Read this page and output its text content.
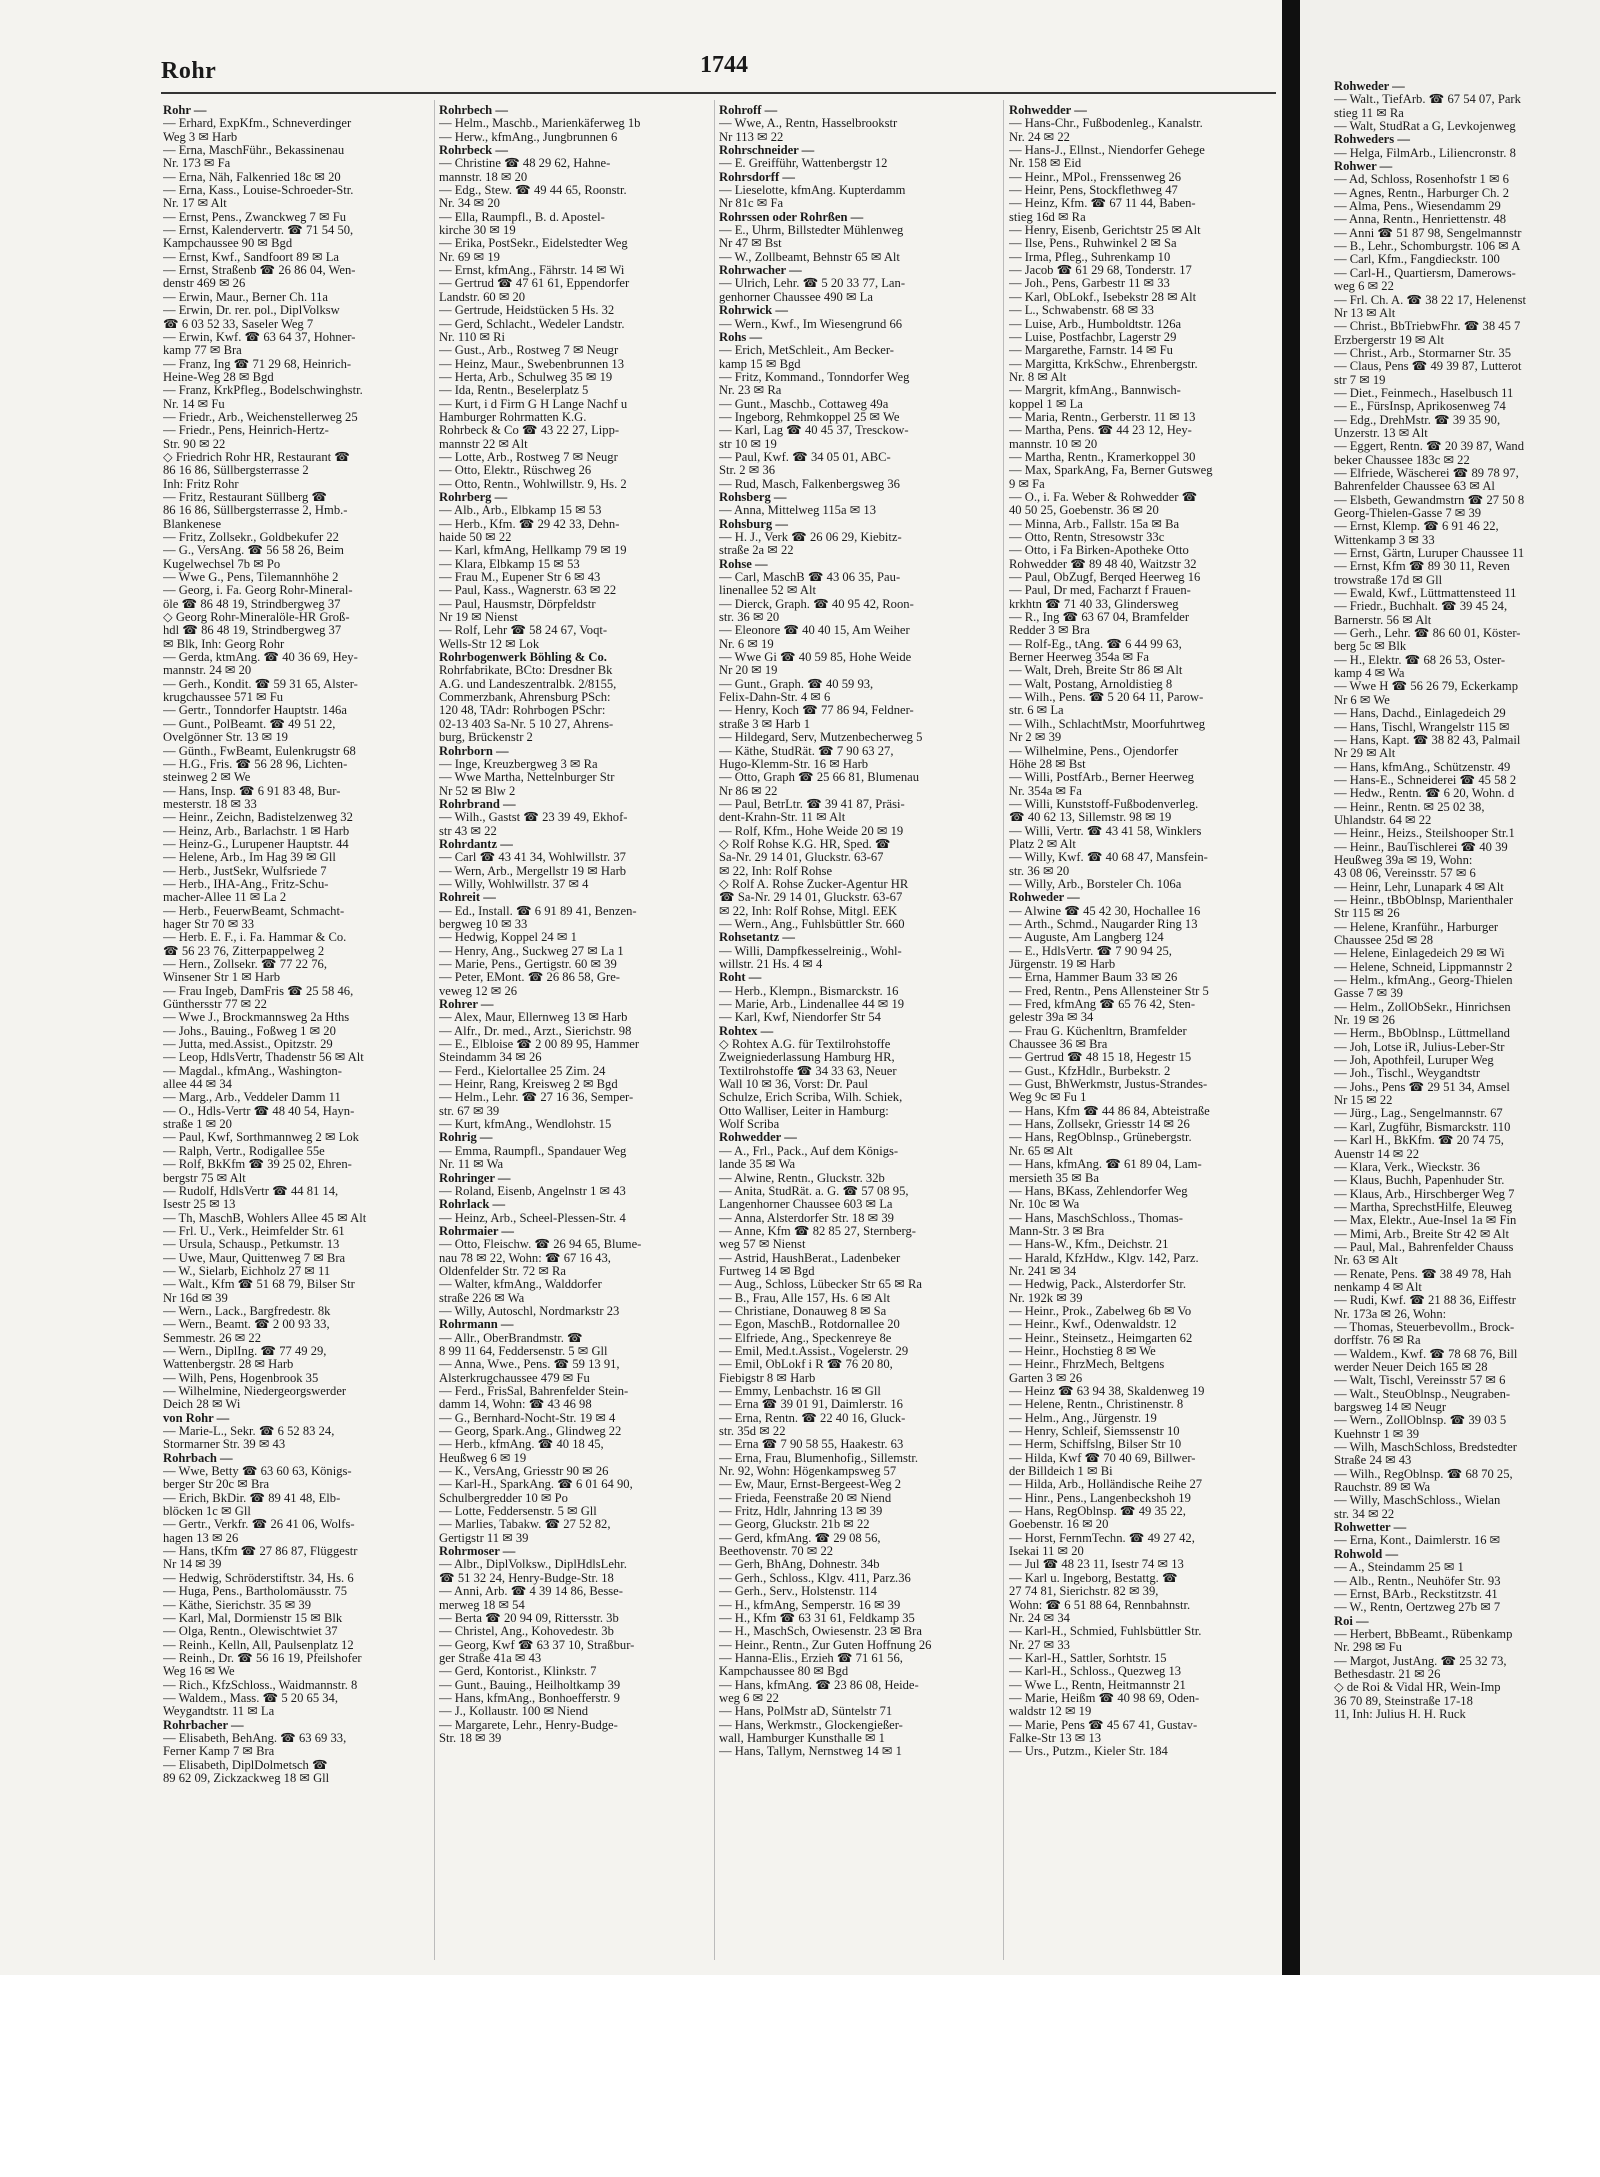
Rohr	1744
Rohr —
— Erhard, ExpKfm., Schneverdinger
Weg 3 ✉ Harb
— Erna, MaschFühr., Bekassinenau
Nr. 173 ✉ Fa
— Erna, Näh, Falkenried 18c ✉ 20
— Erna, Kass., Louise-Schroeder-Str.
Nr. 17 ✉ Alt
— Ernst, Pens., Zwanckweg 7 ✉ Fu
— Ernst, Kalendervertr. ☎ 71 54 50,
Kampchaussee 90 ✉ Bgd
— Ernst, Kwf., Sandfoort 89 ✉ La
— Ernst, Straßenb ☎ 26 86 04, Wen-
denstr 469 ✉ 26
— Erwin, Maur., Berner Ch. 11a
— Erwin, Dr. rer. pol., DiplVolksw
☎ 6 03 52 33, Saseler Weg 7
— Erwin, Kwf. ☎ 63 64 37, Hohner-
kamp 77 ✉ Bra
— Franz, Ing ☎ 71 29 68, Heinrich-
Heine-Weg 28 ✉ Bgd
— Franz, KrkPfleg., Bodelschwinghstr.
Nr. 14 ✉ Fu
— Friedr., Arb., Weichenstellerweg 25
— Friedr., Pens, Heinrich-Hertz-
Str. 90 ✉ 22
◇ Friedrich Rohr HR, Restaurant ☎
86 16 86, Süllbergsterrasse 2
Inh: Fritz Rohr
— Fritz, Restaurant Süllberg ☎
86 16 86, Süllbergsterrasse 2, Hmb.-
Blankenese
— Fritz, Zollsekr., Goldbekufer 22
— G., VersAng. ☎ 56 58 26, Beim
Kugelwechsel 7b ✉ Po
— Wwe G., Pens, Tilemannhöhe 2
— Georg, i. Fa. Georg Rohr-Mineral-
öle ☎ 86 48 19, Strindbergweg 37
◇ Georg Rohr-Mineralöle-HR Groß-
hdl ☎ 86 48 19, Strindbergweg 37
✉ Blk, Inh: Georg Rohr
— Gerda, ktmAng. ☎ 40 36 69, Hey-
mannstr. 24 ✉ 20
— Gerh., Kondit. ☎ 59 31 65, Alster-
krugchaussee 571 ✉ Fu
— Gertr., Tonndorfer Hauptstr. 146a
— Gunt., PolBeamt. ☎ 49 51 22,
Ovelgönner Str. 13 ✉ 19
— Günth., FwBeamt, Eulenkrugstr 68
— H.G., Fris. ☎ 56 28 96, Lichten-
steinweg 2 ✉ We
— Hans, Insp. ☎ 6 91 83 48, Bur-
mesterstr. 18 ✉ 33
— Heinr., Zeichn, Badistelzenweg 32
— Heinz, Arb., Barlachstr. 1 ✉ Harb
— Heinz-G., Lurupener Hauptstr. 44
— Helene, Arb., Im Hag 39 ✉ Gll
— Herb., JustSekr, Wulfsriede 7
— Herb., IHA-Ang., Fritz-Schu-
macher-Allee 11 ✉ La 2
— Herb., FeuerwBeamt, Schmacht-
hager Str 70 ✉ 33
— Herb. E. F., i. Fa. Hammar & Co.
☎ 56 23 76, Zitterpappelweg 2
— Hern., Zollsekr. ☎ 77 22 76,
Winsener Str 1 ✉ Harb
— Frau Ingeb, DamFris ☎ 25 58 46,
Günthersstr 77 ✉ 22
— Wwe J., Brockmannsweg 2a Hths
— Johs., Bauing., Foßweg 1 ✉ 20
— Jutta, med.Assist., Opitzstr. 29
— Leop, HdlsVertr, Thadenstr 56 ✉ Alt
— Magdal., kfmAng., Washington-
allee 44 ✉ 34
— Marg., Arb., Veddeler Damm 11
— O., Hdls-Vertr ☎ 48 40 54, Hayn-
straße 1 ✉ 20
— Paul, Kwf, Sorthmannweg 2 ✉ Lok
— Ralph, Vertr., Rodigallee 55e
— Rolf, BkKfm ☎ 39 25 02, Ehren-
bergstr 75 ✉ Alt
— Rudolf, HdlsVertr ☎ 44 81 14,
Isestr 25 ✉ 13
— Th, MaschB, Wohlers Allee 45 ✉ Alt
— Frl. U., Verk., Heimfelder Str. 61
— Ursula, Schausp., Petkumstr. 13
— Uwe, Maur, Quittenweg 7 ✉ Bra
— W., Sielarb, Eichholz 27 ✉ 11
— Walt., Kfm ☎ 51 68 79, Bilser Str
Nr 16d ✉ 39
— Wern., Lack., Bargfredestr. 8k
— Wern., Beamt. ☎ 2 00 93 33,
Semmestr. 26 ✉ 22
— Wern., DiplIng. ☎ 77 49 29,
Wattenbergstr. 28 ✉ Harb
— Wilh, Pens, Hogenbrook 35
— Wilhelmine, Niedergeorgswerder
Deich 28 ✉ Wi
von Rohr —
— Marie-L., Sekr. ☎ 6 52 83 24,
Stormarner Str. 39 ✉ 43
Rohrbach —
— Wwe, Betty ☎ 63 60 63, Königs-
berger Str 20c ✉ Bra
— Erich, BkDir. ☎ 89 41 48, Elb-
blöcken 1c ✉ Gll
— Gertr., Verkfr. ☎ 26 41 06, Wolfs-
hagen 13 ✉ 26
— Hans, tKfm ☎ 27 86 87, Flüggestr
Nr 14 ✉ 39
— Hedwig, Schröderstiftstr. 34, Hs. 6
— Huga, Pens., Bartholomäusstr. 75
— Käthe, Sierichstr. 35 ✉ 39
— Karl, Mal, Dormienstr 15 ✉ Blk
— Olga, Rentn., Olewischtwiet 37
— Reinh., Kelln, All, Paulsenplatz 12
— Reinh., Dr. ☎ 56 16 19, Pfeilshofer
Weg 16 ✉ We
— Rich., KfzSchloss., Waidmannstr. 8
— Waldem., Mass. ☎ 5 20 65 34,
Weygandtstr. 11 ✉ La
Rohrbacher —
— Elisabeth, BehAng. ☎ 63 69 33,
Ferner Kamp 7 ✉ Bra
— Elisabeth, DiplDolmetsch ☎
89 62 09, Zickzackweg 18 ✉ Gll
Rohrbech —
— Helm., Maschb., Marienkäferweg 1b
— Herw., kfmAng., Jungbrunnen 6
Rohrbeck —
— Christine ☎ 48 29 62, Hahne-
mannstr. 18 ✉ 20
— Edg., Stew. ☎ 49 44 65, Roonstr.
Nr. 34 ✉ 20
— Ella, Raumpfl., B. d. Apostel-
kirche 30 ✉ 19
— Erika, PostSekr., Eidelstedter Weg
Nr. 69 ✉ 19
— Ernst, kfmAng., Fährstr. 14 ✉ Wi
— Gertrud ☎ 47 61 61, Eppendorfer
Landstr. 60 ✉ 20
— Gertrude, Heidstücken 5 Hs. 32
— Gerd, Schlacht., Wedeler Landstr.
Nr. 110 ✉ Ri
— Gust., Arb., Rostweg 7 ✉ Neugr
— Heinz, Maur., Swebenbrunnen 13
— Herta, Arb., Schulweg 35 ✉ 19
— Ida, Rentn., Beselerplatz 5
— Kurt, i d Firm G H Lange Nachf u
Hamburger Rohrmatten K.G.
Rohrbeck & Co ☎ 43 22 27, Lipp-
mannstr 22 ✉ Alt
— Lotte, Arb., Rostweg 7 ✉ Neugr
— Otto, Elektr., Rüschweg 26
— Otto, Rentn., Wohlwillstr. 9, Hs. 2
Rohrberg —
— Alb., Arb., Elbkamp 15 ✉ 53
— Herb., Kfm. ☎ 29 42 33, Dehn-
haide 50 ✉ 22
— Karl, kfmAng, Hellkamp 79 ✉ 19
— Klara, Elbkamp 15 ✉ 53
— Frau M., Eupener Str 6 ✉ 43
— Paul, Kass., Wagnerstr. 63 ✉ 22
— Paul, Hausmstr, Dörpfeldstr
Nr 19 ✉ Nienst
— Rolf, Lehr ☎ 58 24 67, Voqt-
Wells-Str 12 ✉ Lok
Rohrbogenwerk Böhling & Co.
Rohrfabrikate, BCto: Dresdner Bk
A.G. und Landeszentralbk. 2/8155,
Commerzbank, Ahrensburg PSch:
120 48, TAdr: Rohrbogen PSchr:
02-13 403 Sa-Nr. 5 10 27, Ahrens-
burg, Brückenstr 2
Rohrborn —
— Inge, Kreuzbergweg 3 ✉ Ra
— Wwe Martha, Nettelnburger Str
Nr 52 ✉ Blw 2
Rohrbrand —
— Wilh., Gastst ☎ 23 39 49, Ekhof-
str 43 ✉ 22
Rohrdantz —
— Carl ☎ 43 41 34, Wohlwillstr. 37
— Wern, Arb., Mergellstr 19 ✉ Harb
— Willy, Wohlwillstr. 37 ✉ 4
Rohreit —
— Ed., Install. ☎ 6 91 89 41, Benzen-
bergweg 10 ✉ 33
— Hedwig, Koppel 24 ✉ 1
— Henry, Ang., Suckweg 27 ✉ La 1
— Marie, Pens., Gertigstr. 60 ✉ 39
— Peter, EMont. ☎ 26 86 58, Gre-
veweg 12 ✉ 26
Rohrer —
— Alex, Maur, Ellernweg 13 ✉ Harb
— Alfr., Dr. med., Arzt., Sierichstr. 98
— E., Elbloise ☎ 2 00 89 95, Hammer
Steindamm 34 ✉ 26
— Ferd., Kielortallee 25 Zim. 24
— Heinr, Rang, Kreisweg 2 ✉ Bgd
— Helm., Lehr. ☎ 27 16 36, Semper-
str. 67 ✉ 39
— Kurt, kfmAng., Wendlohstr. 15
Rohrig —
— Emma, Raumpfl., Spandauer Weg
Nr. 11 ✉ Wa
Rohringer —
— Roland, Eisenb, Angelnstr 1 ✉ 43
Rohrlack —
— Heinz, Arb., Scheel-Plessen-Str. 4
Rohrmaier —
— Otto, Fleischw. ☎ 26 94 65, Blume-
nau 78 ✉ 22, Wohn: ☎ 67 16 43,
Oldenfelder Str. 72 ✉ Ra
— Walter, kfmAng., Walddorfer
straße 226 ✉ Wa
— Willy, Autoschl, Nordmarkstr 23
Rohrmann —
— Allr., OberBrandmstr. ☎
8 99 11 64, Feddersenstr. 5 ✉ Gll
— Anna, Wwe., Pens. ☎ 59 13 91,
Alsterkrugchaussee 479 ✉ Fu
— Ferd., FrisSal, Bahrenfelder Stein-
damm 14, Wohn: ☎ 43 46 98
— G., Bernhard-Nocht-Str. 19 ✉ 4
— Georg, Spark.Ang., Glindweg 22
— Herb., kfmAng. ☎ 40 18 45,
Heußweg 6 ✉ 19
— K., VersAng, Griesstr 90 ✉ 26
— Karl-H., SparkAng. ☎ 6 01 64 90,
Schulbergredder 10 ✉ Po
— Lotte, Feddersenstr. 5 ✉ Gll
— Marlies, Tabakw. ☎ 27 52 82,
Gertigstr 11 ✉ 39
Rohrmoser —
— Albr., DiplVolksw., DiplHdlsLehr.
☎ 51 32 24, Henry-Budge-Str. 18
— Anni, Arb. ☎ 4 39 14 86, Besse-
merweg 18 ✉ 54
— Berta ☎ 20 94 09, Rittersstr. 3b
— Christel, Ang., Kohovedestr. 3b
— Georg, Kwf ☎ 63 37 10, Straßbur-
ger Straße 41a ✉ 43
— Gerd, Kontorist., Klinkstr. 7
— Gunt., Bauing., Heilholtkamp 39
— Hans, kfmAng., Bonhoefferstr. 9
— J., Kollaustr. 100 ✉ Niend
— Margarete, Lehr., Henry-Budge-
Str. 18 ✉ 39
Rohroff —
— Wwe, A., Rentn, Hasselbrookstr
Nr 113 ✉ 22
Rohrschneider —
— E. Greifführ, Wattenbergstr 12
Rohrsdorff —
— Lieselotte, kfmAng. Kupterdamm
Nr 81c ✉ Fa
Rohrssen oder Rohrßen —
— E., Uhrm, Billstedter Mühlenweg
Nr 47 ✉ Bst
— W., Zollbeamt, Behnstr 65 ✉ Alt
Rohrwacher —
— Ulrich, Lehr. ☎ 5 20 33 77, Lan-
genhorner Chaussee 490 ✉ La
Rohrwick —
— Wern., Kwf., Im Wiesengrund 66
Rohs —
— Erich, MetSchleit., Am Becker-
kamp 15 ✉ Bgd
— Fritz, Kommand., Tonndorfer Weg
Nr. 23 ✉ Ra
— Gunt., Maschb., Cottaweg 49a
— Ingeborg, Rehmkoppel 25 ✉ We
— Karl, Lag ☎ 40 45 37, Tresckow-
str 10 ✉ 19
— Paul, Kwf. ☎ 34 05 01, ABC-
Str. 2 ✉ 36
— Rud, Masch, Falkenbergsweg 36
Rohsberg —
— Anna, Mittelweg 115a ✉ 13
Rohsburg —
— H. J., Verk ☎ 26 06 29, Kiebitz-
straße 2a ✉ 22
Rohse —
— Carl, MaschB ☎ 43 06 35, Pau-
linenallee 52 ✉ Alt
— Dierck, Graph. ☎ 40 95 42, Roon-
str. 36 ✉ 20
— Eleonore ☎ 40 40 15, Am Weiher
Nr. 6 ✉ 19
— Wwe Gi ☎ 40 59 85, Hohe Weide
Nr 20 ✉ 19
— Gunt., Graph. ☎ 40 59 93,
Felix-Dahn-Str. 4 ✉ 6
— Henry, Koch ☎ 77 86 94, Feldner-
straße 3 ✉ Harb 1
— Hildegard, Serv, Mutzenbecherweg 5
— Käthe, StudRät. ☎ 7 90 63 27,
Hugo-Klemm-Str. 16 ✉ Harb
— Otto, Graph ☎ 25 66 81, Blumenau
Nr 86 ✉ 22
— Paul, BetrLtr. ☎ 39 41 87, Präsi-
dent-Krahn-Str. 11 ✉ Alt
— Rolf, Kfm., Hohe Weide 20 ✉ 19
◇ Rolf Rohse K.G. HR, Sped. ☎
Sa-Nr. 29 14 01, Gluckstr. 63-67
✉ 22, Inh: Rolf Rohse
◇ Rolf A. Rohse Zucker-Agentur HR
☎ Sa-Nr. 29 14 01, Gluckstr. 63-67
✉ 22, Inh: Rolf Rohse, Mitgl. EEK
— Wern., Ang., Fuhlsbüttler Str. 660
Rohsetantz —
— Willi, Dampfkesselreinig., Wohl-
willstr. 21 Hs. 4 ✉ 4
Roht —
— Herb., Klempn., Bismarckstr. 16
— Marie, Arb., Lindenallee 44 ✉ 19
— Karl, Kwf, Niendorfer Str 54
Rohtex —
◇ Rohtex A.G. für Textilrohstoffe
Zweigniederlassung Hamburg HR,
Textilrohstoffe ☎ 34 33 63, Neuer
Wall 10 ✉ 36, Vorst: Dr. Paul
Schulze, Erich Scriba, Wilh. Schiek,
Otto Walliser, Leiter in Hamburg:
Wolf Scriba
Rohwedder —
— A., Frl., Pack., Auf dem Königs-
lande 35 ✉ Wa
— Alwine, Rentn., Gluckstr. 32b
— Anita, StudRät. a. G. ☎ 57 08 95,
Langenhorner Chaussee 603 ✉ La
— Anna, Alsterdorfer Str. 18 ✉ 39
— Anne, Kfm ☎ 82 85 27, Sternberg-
weg 57 ✉ Nienst
— Astrid, HaushBerat., Ladenbeker
Furtweg 14 ✉ Bgd
— Aug., Schloss, Lübecker Str 65 ✉ Ra
— B., Frau, Alle 157, Hs. 6 ✉ Alt
— Christiane, Donauweg 8 ✉ Sa
— Egon, MaschB., Rotdornallee 20
— Elfriede, Ang., Speckenreye 8e
— Emil, Med.t.Assist., Vogelerstr. 29
— Emil, ObLokf i R ☎ 76 20 80,
Fiebigstr 8 ✉ Harb
— Emmy, Lenbachstr. 16 ✉ Gll
— Erna ☎ 39 01 91, Daimlerstr. 16
— Erna, Rentn. ☎ 22 40 16, Gluck-
str. 35d ✉ 22
— Erna ☎ 7 90 58 55, Haakestr. 63
— Erna, Frau, Blumenhofig., Sillemstr.
Nr. 92, Wohn: Högenkampsweg 57
— Ew, Maur, Ernst-Bergeest-Weg 2
— Frieda, Feenstraße 20 ✉ Niend
— Fritz, Hdlr, Jahnring 13 ✉ 39
— Georg, Gluckstr. 21b ✉ 22
— Gerd, kfmAng. ☎ 29 08 56,
Beethovenstr. 70 ✉ 22
— Gerh, BhAng, Dohnestr. 34b
— Gerh., Schloss., Klgv. 411, Parz.36
— Gerh., Serv., Holstenstr. 114
— H., kfmAng, Semperstr. 16 ✉ 39
— H., Kfm ☎ 63 31 61, Feldkamp 35
— H., MaschSch, Owiesenstr. 23 ✉ Bra
— Heinr., Rentn., Zur Guten Hoffnung 26
— Hanna-Elis., Erzieh ☎ 71 61 56,
Kampchaussee 80 ✉ Bgd
— Hans, kfmAng. ☎ 23 86 08, Heide-
weg 6 ✉ 22
— Hans, PolMstr aD, Süntelstr 71
— Hans, Werkmstr., Glockengießer-
wall, Hamburger Kunsthalle ✉ 1
— Hans, Tallym, Nernstweg 14 ✉ 1
Rohwedder —
— Hans-Chr., Fußbodenleg., Kanalstr.
Nr. 24 ✉ 22
— Hans-J., Ellnst., Niendorfer Gehege
Nr. 158 ✉ Eid
— Heinr., MPol., Frenssenweg 26
— Heinr, Pens, Stockflethweg 47
— Heinz, Kfm. ☎ 67 11 44, Baben-
stieg 16d ✉ Ra
— Henry, Eisenb, Gerichtstr 25 ✉ Alt
— Ilse, Pens., Ruhwinkel 2 ✉ Sa
— Irma, Pfleg., Suhrenkamp 10
— Jacob ☎ 61 29 68, Tonderstr. 17
— Joh., Pens, Garbestr 11 ✉ 33
— Karl, ObLokf., Isebekstr 28 ✉ Alt
— L., Schwabenstr. 68 ✉ 33
— Luise, Arb., Humboldtstr. 126a
— Luise, Postfachbr, Lagerstr 29
— Margarethe, Farnstr. 14 ✉ Fu
— Margitta, KrkSchw., Ehrenbergstr.
Nr. 8 ✉ Alt
— Margrit, kfmAng., Bannwisch-
koppel 1 ✉ La
— Maria, Rentn., Gerberstr. 11 ✉ 13
— Martha, Pens. ☎ 44 23 12, Hey-
mannstr. 10 ✉ 20
— Martha, Rentn., Kramerkoppel 30
— Max, SparkAng, Fa, Berner Gutsweg
9 ✉ Fa
— O., i. Fa. Weber & Rohwedder ☎
40 50 25, Goebenstr. 36 ✉ 20
— Minna, Arb., Fallstr. 15a ✉ Ba
— Otto, Rentn, Stresowstr 33c
— Otto, i Fa Birken-Apotheke Otto
Rohwedder ☎ 89 48 40, Waitzstr 32
— Paul, ObZugf, Berqed Heerweg 16
— Paul, Dr med, Facharzt f Frauen-
krkhtn ☎ 71 40 33, Glindersweg
— R., Ing ☎ 63 67 04, Bramfelder
Redder 3 ✉ Bra
— Rolf-Eg., tAng. ☎ 6 44 99 63,
Berner Heerweg 354a ✉ Fa
— Walt, Dreh, Breite Str 86 ✉ Alt
— Walt, Postang, Arnoldistieg 8
— Wilh., Pens. ☎ 5 20 64 11, Parow-
str. 6 ✉ La
— Wilh., SchlachtMstr, Moorfuhrtweg
Nr 2 ✉ 39
— Wilhelmine, Pens., Ojendorfer
Höhe 28 ✉ Bst
— Willi, PostfArb., Berner Heerweg
Nr. 354a ✉ Fa
— Willi, Kunststoff-Fußbodenverleg.
☎ 40 62 13, Sillemstr. 98 ✉ 19
— Willi, Vertr. ☎ 43 41 58, Winklers
Platz 2 ✉ Alt
— Willy, Kwf. ☎ 40 68 47, Mansfein-
str. 36 ✉ 20
— Willy, Arb., Borsteler Ch. 106a
Rohweder —
— Alwine ☎ 45 42 30, Hochallee 16
— Arth., Schmd., Naugarder Ring 13
— Auguste, Am Langberg 124
— E., HdlsVertr. ☎ 7 90 94 25,
Jürgenstr. 19 ✉ Harb
— Erna, Hammer Baum 33 ✉ 26
— Fred, Rentn., Pens Allensteiner Str 5
— Fred, kfmAng ☎ 65 76 42, Sten-
gelestr 39a ✉ 34
— Frau G. Küchenltrn, Bramfelder
Chaussee 36 ✉ Bra
— Gertrud ☎ 48 15 18, Hegestr 15
— Gust., KfzHdlr., Burbekstr. 2
— Gust, BhWerkmstr, Justus-Strandes-
Weg 9c ✉ Fu 1
— Hans, Kfm ☎ 44 86 84, Abteistraße
— Hans, Zollsekr, Griesstr 14 ✉ 26
— Hans, RegOblnsp., Grünebergstr.
Nr. 65 ✉ Alt
— Hans, kfmAng. ☎ 61 89 04, Lam-
mersieth 35 ✉ Ba
— Hans, BKass, Zehlendorfer Weg
Nr. 10c ✉ Wa
— Hans, MaschSchloss., Thomas-
Mann-Str. 3 ✉ Bra
— Hans-W., Kfm., Deichstr. 21
— Harald, KfzHdw., Klgv. 142, Parz.
Nr. 241 ✉ 34
— Hedwig, Pack., Alsterdorfer Str.
Nr. 192k ✉ 39
— Heinr., Prok., Zabelweg 6b ✉ Vo
— Heinr., Kwf., Odenwaldstr. 12
— Heinr., Steinsetz., Heimgarten 62
— Heinr., Hochstieg 8 ✉ We
— Heinr., FhrzMech, Beltgens
Garten 3 ✉ 26
— Heinz ☎ 63 94 38, Skaldenweg 19
— Helene, Rentn., Christinenstr. 8
— Helm., Ang., Jürgenstr. 19
— Henry, Schleif, Siemssenstr 10
— Herm, Schiffslng, Bilser Str 10
— Hilda, Kwf ☎ 70 40 69, Billwer-
der Billdeich 1 ✉ Bi
— Hilda, Arb., Holländische Reihe 27
— Hinr., Pens., Langenbeckshoh 19
— Hans, RegOblnsp. ☎ 49 35 22,
Goebenstr. 16 ✉ 20
— Horst, FernmTechn. ☎ 49 27 42,
Isekai 11 ✉ 20
— Jul ☎ 48 23 11, Isestr 74 ✉ 13
— Karl u. Ingeborg, Bestattg. ☎
27 74 81, Sierichstr. 82 ✉ 39,
Wohn: ☎ 6 51 88 64, Rennbahnstr.
Nr. 24 ✉ 34
— Karl-H., Schmied, Fuhlsbüttler Str.
Nr. 27 ✉ 33
— Karl-H., Sattler, Sorhtstr. 15
— Karl-H., Schloss., Quezweg 13
— Wwe L., Rentn, Heitmannstr 21
— Marie, Heißm ☎ 40 98 69, Oden-
waldstr 12 ✉ 19
— Marie, Pens ☎ 45 67 41, Gustav-
Falke-Str 13 ✉ 13
— Urs., Putzm., Kieler Str. 184
Rohweder —
— Walt., TiefArb. ☎ 67 54 07, Park
stieg 11 ✉ Ra
— Walt, StudRat a G, Levkojenweg
Rohweders —
— Helga, FilmArb., Liliencronstr. 8
Rohwer —
— Ad, Schloss, Rosenhofstr 1 ✉ 6
— Agnes, Rentn., Harburger Ch. 2
— Alma, Pens., Wiesendamm 29
— Anna, Rentn., Henriettenstr. 48
— Anni ☎ 51 87 98, Sengelmannstr
— B., Lehr., Schomburgstr. 106 ✉ A
— Carl, Kfm., Fangdieckstr. 100
— Carl-H., Quartiersm, Damerows-
weg 6 ✉ 22
— Frl. Ch. A. ☎ 38 22 17, Helenenst
Nr 13 ✉ Alt
— Christ., BbTriebwFhr. ☎ 38 45 7
Erzbergerstr 19 ✉ Alt
— Christ., Arb., Stormarner Str. 35
— Claus, Pens ☎ 49 39 87, Lutterot
str 7 ✉ 19
— Diet., Feinmech., Haselbusch 11
— E., FürsInsp, Aprikosenweg 74
— Edg., DrehMstr. ☎ 39 35 90,
Unzerstr. 13 ✉ Alt
— Eggert, Rentn. ☎ 20 39 87, Wand
beker Chaussee 183c ✉ 22
— Elfriede, Wäscherei ☎ 89 78 97,
Bahrenfelder Chaussee 63 ✉ Al
— Elsbeth, Gewandmstrn ☎ 27 50 8
Georg-Thielen-Gasse 7 ✉ 39
— Ernst, Klemp. ☎ 6 91 46 22,
Wittenkamp 3 ✉ 33
— Ernst, Gärtn, Luruper Chaussee 11
— Ernst, Kfm ☎ 89 30 11, Reven
trowstraße 17d ✉ Gll
— Ewald, Kwf., Lüttmattensteed 11
— Friedr., Buchhalt. ☎ 39 45 24,
Barnerstr. 56 ✉ Alt
— Gerh., Lehr. ☎ 86 60 01, Köster-
berg 5c ✉ Blk
— H., Elektr. ☎ 68 26 53, Oster-
kamp 4 ✉ Wa
— Wwe H ☎ 56 26 79, Eckerkamp
Nr 6 ✉ We
— Hans, Dachd., Einlagedeich 29
— Hans, Tischl, Wrangelstr 115 ✉
— Hans, Kapt. ☎ 38 82 43, Palmail
Nr 29 ✉ Alt
— Hans, kfmAng., Schützenstr. 49
— Hans-E., Schneiderei ☎ 45 58 2
— Hedw., Rentn. ☎ 6 20, Wohn. d
— Heinr., Rentn. ✉ 25 02 38,
Uhlandstr. 64 ✉ 22
— Heinr., Heizs., Steilshooper Str.1
— Heinr., BauTischlerei ☎ 40 39
Heußweg 39a ✉ 19, Wohn:
43 08 06, Vereinsstr. 57 ✉ 6
— Heinr, Lehr, Lunapark 4 ✉ Alt
— Heinr., tBbOblnsp, Marienthaler
Str 115 ✉ 26
— Helene, Kranführ., Harburger
Chaussee 25d ✉ 28
— Helene, Einlagedeich 29 ✉ Wi
— Helene, Schneid, Lippmannstr 2
— Helm., kfmAng., Georg-Thielen
Gasse 7 ✉ 39
— Helm., ZollObSekr., Hinrichsen
Nr. 19 ✉ 26
— Herm., BbOblnsp., Lüttmelland
— Joh, Lotse iR, Julius-Leber-Str
— Joh, Apothfeil, Luruper Weg
— Joh., Tischl., Weygandtstr
— Johs., Pens ☎ 29 51 34, Amsel
Nr 15 ✉ 22
— Jürg., Lag., Sengelmannstr. 67
— Karl, Zugführ, Bismarckstr. 110
— Karl H., BkKfm. ☎ 20 74 75,
Auenstr 14 ✉ 22
— Klara, Verk., Wieckstr. 36
— Klaus, Buchh, Papenhuder Str.
— Klaus, Arb., Hirschberger Weg 7
— Martha, SprechstHilfe, Eleuweg
— Max, Elektr., Aue-Insel 1a ✉ Fin
— Mimi, Arb., Breite Str 42 ✉ Alt
— Paul, Mal., Bahrenfelder Chauss
Nr. 63 ✉ Alt
— Renate, Pens. ☎ 38 49 78, Hah
nenkamp 4 ✉ Alt
— Rudi, Kwf. ☎ 21 88 36, Eiffestr
Nr. 173a ✉ 26, Wohn:
— Thomas, Steuerbevollm., Brock-
dorffstr. 76 ✉ Ra
— Waldem., Kwf. ☎ 78 68 76, Bill
werder Neuer Deich 165 ✉ 28
— Walt, Tischl, Vereinsstr 57 ✉ 6
— Walt., SteuOblnsp., Neugraben-
bargsweg 14 ✉ Neugr
— Wern., ZollOblnsp. ☎ 39 03 5
Kuehnstr 1 ✉ 39
— Wilh, MaschSchloss, Bredstedter
Straße 24 ✉ 43
— Wilh., RegOblnsp. ☎ 68 70 25,
Rauchstr. 89 ✉ Wa
— Willy, MaschSchloss., Wielan
str. 34 ✉ 22
Rohwetter —
— Erna, Kont., Daimlerstr. 16 ✉
Rohwold —
— A., Steindamm 25 ✉ 1
— Alb., Rentn., Neuhöfer Str. 93
— Ernst, BArb., Reckstitzstr. 41
— W., Rentn, Oertzweg 27b ✉ 7
Roi —
— Herbert, BbBeamt., Rübenkamp
Nr. 298 ✉ Fu
— Margot, JustAng. ☎ 25 32 73,
Bethesdastr. 21 ✉ 26
◇ de Roi & Vidal HR, Wein-Imp
36 70 89, Steinstraße 17-18
11, Inh: Julius H. H. Ruck
